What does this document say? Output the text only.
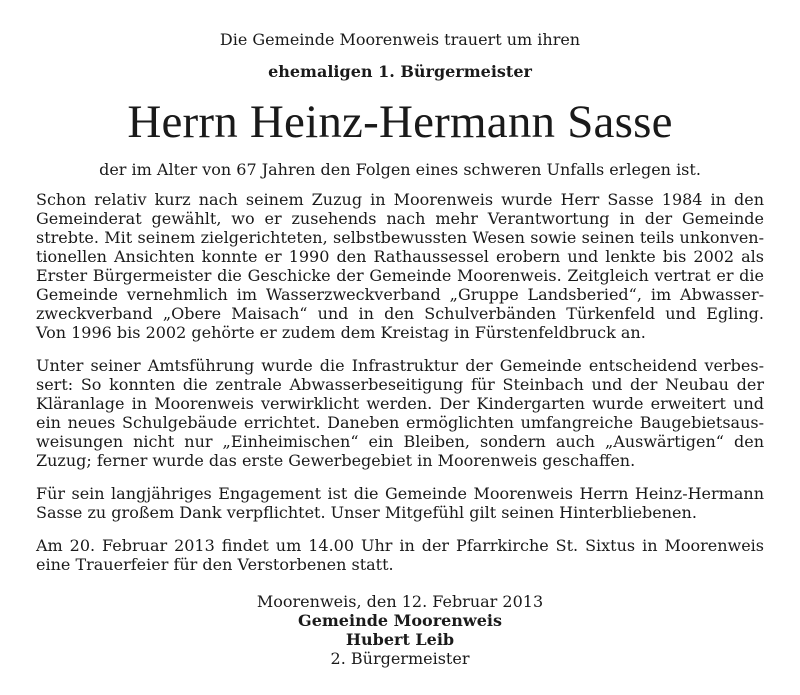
Die Gemeinde Moorenweis trauert um ihren
ehemaligen 1. Bürgermeister
Herrn Heinz-Hermann Sasse
der im Alter von 67 Jahren den Folgen eines schweren Unfalls erlegen ist.

Schon relativ kurz nach seinem Zuzug in Moorenweis wurde Herr Sasse 1984 in den
Gemeinderat gewählt, wo er zusehends nach mehr Verantwortung in der Gemeinde
strebte. Mit seinem zielgerichteten, selbstbewussten Wesen sowie seinen teils unkonven-
tionellen Ansichten konnte er 1990 den Rathaussessel erobern und lenkte bis 2002 als
Erster Bürgermeister die Geschicke der Gemeinde Moorenweis. Zeitgleich vertrat er die
Gemeinde vernehmlich im Wasserzweckverband „Gruppe Landsberied“, im Abwasser-
zweckverband „Obere Maisach“ und in den Schulverbänden Türkenfeld und Egling.
Von 1996 bis 2002 gehörte er zudem dem Kreistag in Fürstenfeldbruck an.

Unter seiner Amtsführung wurde die Infrastruktur der Gemeinde entscheidend verbes-
sert: So konnten die zentrale Abwasserbeseitigung für Steinbach und der Neubau der
Kläranlage in Moorenweis verwirklicht werden. Der Kindergarten wurde erweitert und
ein neues Schulgebäude errichtet. Daneben ermöglichten umfangreiche Baugebietsaus-
weisungen nicht nur „Einheimischen“ ein Bleiben, sondern auch „Auswärtigen“ den
Zuzug; ferner wurde das erste Gewerbegebiet in Moorenweis geschaffen.

Für sein langjähriges Engagement ist die Gemeinde Moorenweis Herrn Heinz-Hermann
Sasse zu großem Dank verpflichtet. Unser Mitgefühl gilt seinen Hinterbliebenen.

Am 20. Februar 2013 findet um 14.00 Uhr in der Pfarrkirche St. Sixtus in Moorenweis
eine Trauerfeier für den Verstorbenen statt.

Moorenweis, den 12. Februar 2013
Gemeinde Moorenweis
Hubert Leib
2. Bürgermeister
